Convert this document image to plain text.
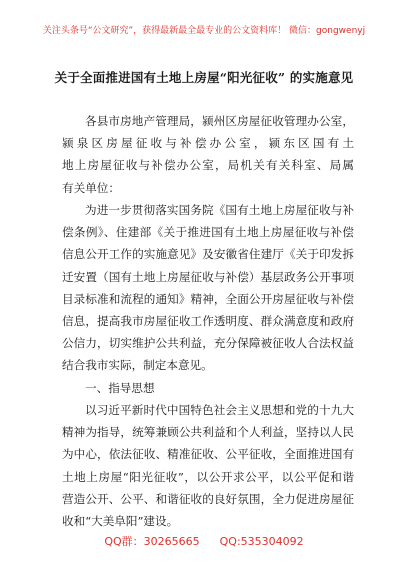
关注头条号“公文研究”，获得最新最全最专业的公文资料库！ 微信：gongwenyj
关于全面推进国有土地上房屋“阳光征收” 的实施意见
各县市房地产管理局，颍州区房屋征收管理办公室，
颍泉区房屋征收与补偿办公室，颍东区国有土
地上房屋征收与补偿办公室，局机关有关科室、局属
有关单位：
为进一步贯彻落实国务院《国有土地上房屋征收与补
偿条例》、住建部《关于推进国有土地上房屋征收与补偿
信息公开工作的实施意见》及安徽省住建厅《关于印发拆
迁安置（国有土地上房屋征收与补偿）基层政务公开事项
目录标准和流程的通知》精神，全面公开房屋征收与补偿
信息，提高我市房屋征收工作透明度、群众满意度和政府
公信力，切实维护公共利益，充分保障被征收人合法权益
结合我市实际，制定本意见。
一、指导思想
以习近平新时代中国特色社会主义思想和党的十九大
精神为指导，统筹兼顾公共利益和个人利益，坚持以人民
为中心，依法征收、精准征收、公平征收，全面推进国有
土地上房屋“阳光征收”，以公开求公平，以公平促和谐
营造公开、公平、和谐征收的良好氛围，全力促进房屋征
收和“大美阜阳”建设。
QQ群：30265665 QQ:535304092
